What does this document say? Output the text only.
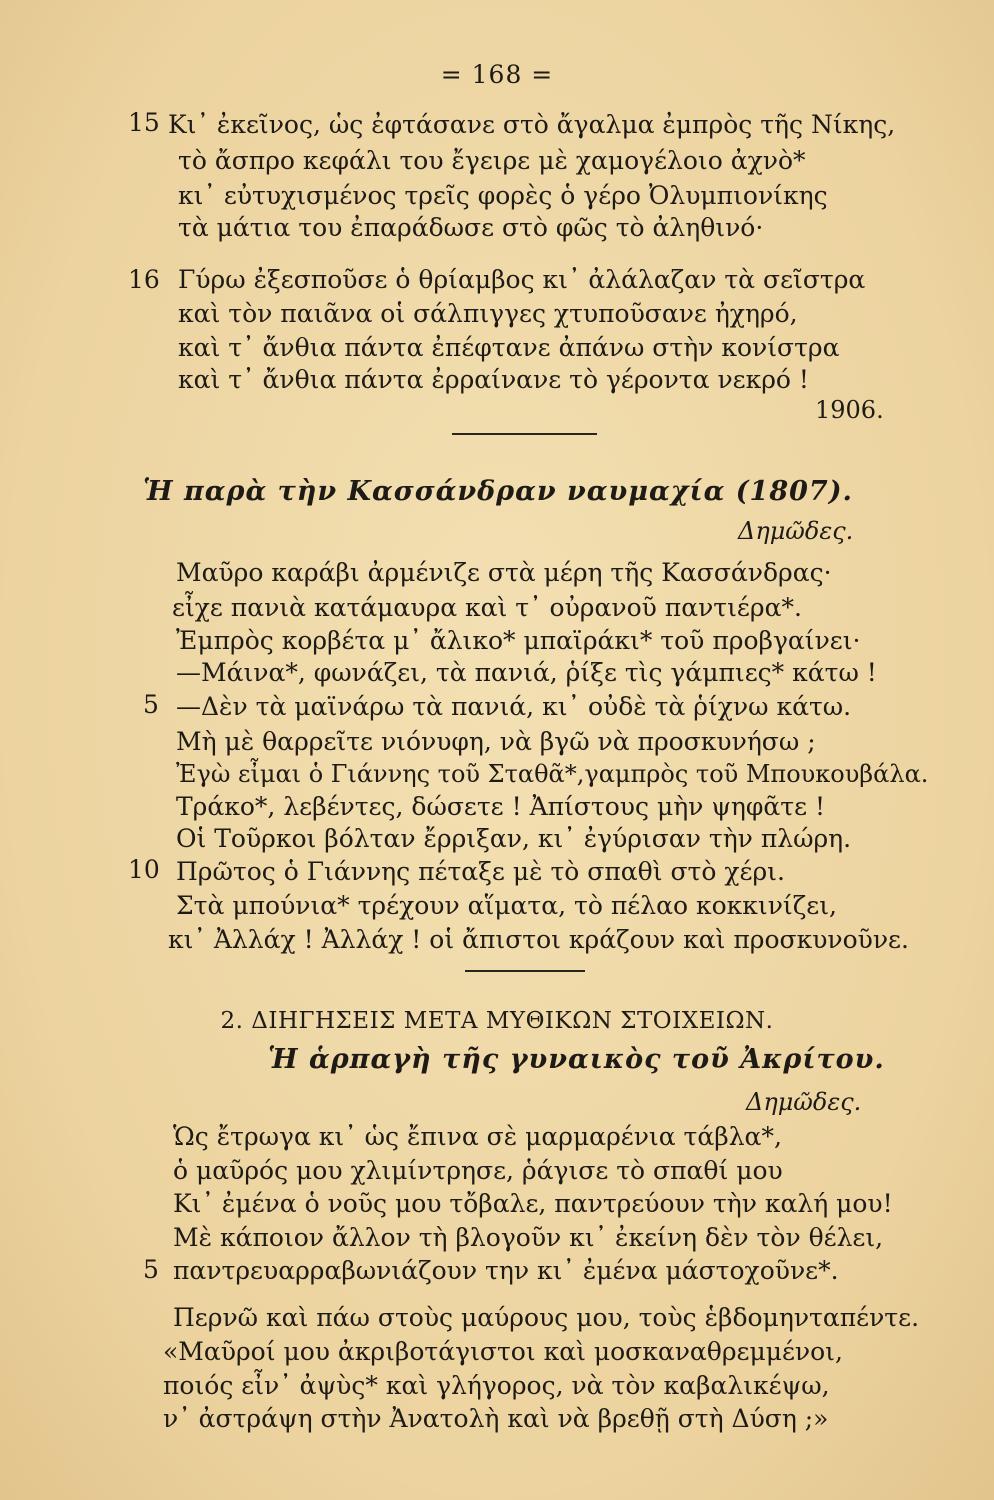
= 168 =
15 Κι᾿ ἐκεῖνος, ὡς ἐφτάσανε στὸ ἄγαλμα ἐμπρὸς τῆς Νίκης,
τὸ ἄσπρο κεφάλι του ἔγειρε μὲ χαμογέλοιο ἀχνὸ*
κι᾿ εὐτυχισμένος τρεῖς φορὲς ὁ γέρο Ὀλυμπιονίκης
τὰ μάτια του ἐπαράδωσε στὸ φῶς τὸ ἀληθινό·
16 Γύρω ἐξεσποῦσε ὁ θρίαμβος κι᾿ ἀλάλαζαν τὰ σεῖστρα
καὶ τὸν παιᾶνα οἱ σάλπιγγες χτυποῦσανε ἠχηρό,
καὶ τ᾿ ἄνθια πάντα ἐπέφτανε ἀπάνω στὴν κονίστρα
καὶ τ᾿ ἄνθια πάντα ἐρραίνανε τὸ γέροντα νεκρό !
1906.
Ἡ παρὰ τὴν Κασσάνδραν ναυμαχία (1807).
Δημῶδες.
Μαῦρο καράβι ἀρμένιζε στὰ μέρη τῆς Κασσάνδρας·
εἶχε πανιὰ κατάμαυρα καὶ τ᾿ οὐρανοῦ παντιέρα*.
Ἐμπρὸς κορβέτα μ᾿ ἄλικο* μπαϊράκι* τοῦ προβγαίνει·
—Μάινα*, φωνάζει, τὰ πανιά, ῥίξε τὶς γάμπιες* κάτω !
5 —Δὲν τὰ μαϊνάρω τὰ πανιά, κι᾿ οὐδὲ τὰ ῥίχνω κάτω.
Μὴ μὲ θαρρεῖτε νιόνυφη, νὰ βγῶ νὰ προσκυνήσω ;
Ἐγὼ εἶμαι ὁ Γιάννης τοῦ Σταθᾶ*,γαμπρὸς τοῦ Μπουκουβάλα.
Τράκο*, λεβέντες, δώσετε ! Ἀπίστους μὴν ψηφᾶτε !
Οἱ Τοῦρκοι βόλταν ἔρριξαν, κι᾿ ἐγύρισαν τὴν πλώρη.
10 Πρῶτος ὁ Γιάννης πέταξε μὲ τὸ σπαθὶ στὸ χέρι.
Στὰ μπούνια* τρέχουν αἵματα, τὸ πέλαο κοκκινίζει,
κι᾿ Ἀλλάχ ! Ἀλλάχ ! οἱ ἄπιστοι κράζουν καὶ προσκυνοῦνε.
2. ΔΙΗΓΗΣΕΙΣ ΜΕΤΑ ΜΥΘΙΚΩΝ ΣΤΟΙΧΕΙΩΝ.
Ἡ ἁρπαγὴ τῆς γυναικὸς τοῦ Ἀκρίτου.
Δημῶδες.
Ὡς ἔτρωγα κι᾿ ὡς ἔπινα σὲ μαρμαρένια τάβλα*,
ὁ μαῦρός μου χλιμίντρησε, ῥάγισε τὸ σπαθί μου
Κι᾿ ἐμένα ὁ νοῦς μου τὄβαλε, παντρεύουν τὴν καλή μου!
Μὲ κάποιον ἄλλον τὴ βλογοῦν κι᾿ ἐκείνη δὲν τὸν θέλει,
5 παντρευαρραβωνιάζουν την κι᾿ ἐμένα μάστοχοῦνε*.
Περνῶ καὶ πάω στοὺς μαύρους μου, τοὺς ἑβδομηνταπέντε.
«Μαῦροί μου ἀκριβοτάγιστοι καὶ μοσκαναθρεμμένοι,
ποιός εἶν᾿ ἀψὺς* καὶ γλήγορος, νὰ τὸν καβαλικέψω,
ν᾿ ἀστράψη στὴν Ἀνατολὴ καὶ νὰ βρεθῇ στὴ Δύση ;»
